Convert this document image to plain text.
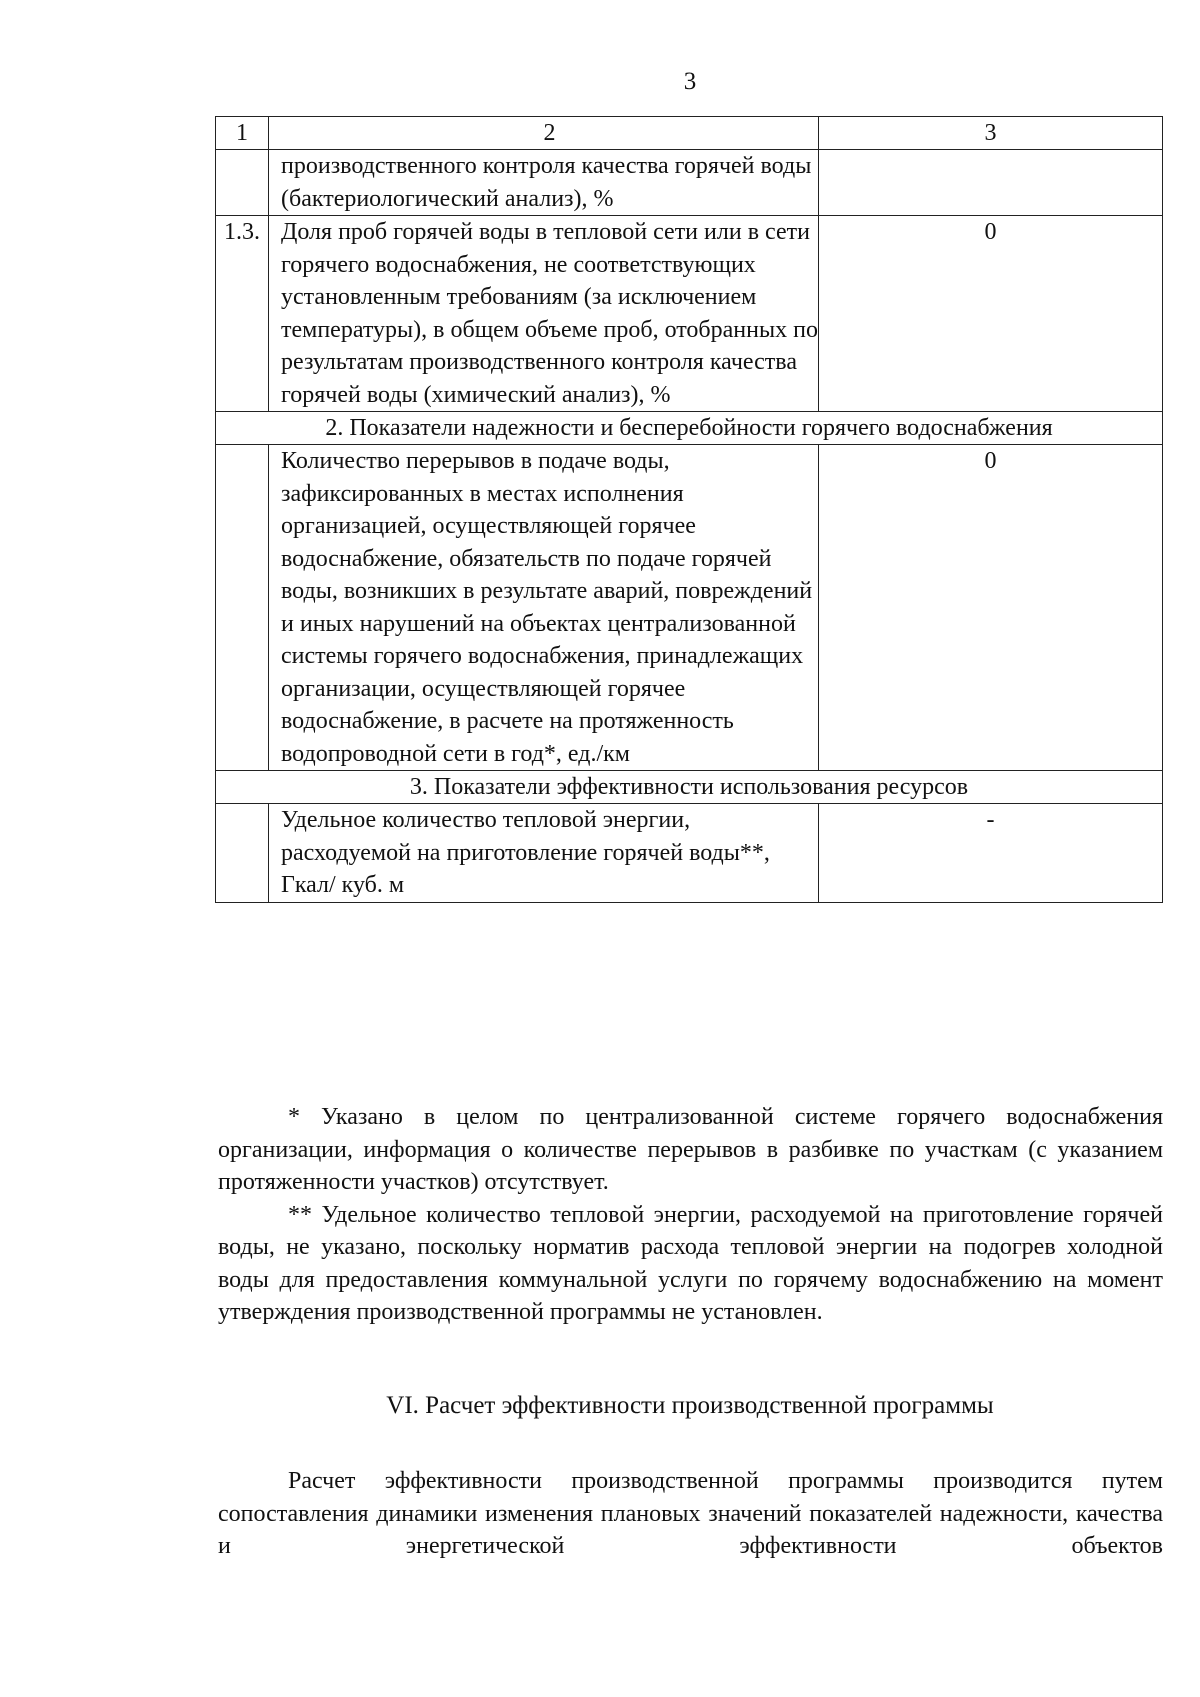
3
1	2	3
	производственного контроля качества горячей воды (бактериологический анализ), %	
1.3.	Доля проб горячей воды в тепловой сети или в сети горячего водоснабжения, не соответствующих установленным требованиям (за исключением температуры), в общем объеме проб, отобранных по результатам производственного контроля качества горячей воды (химический анализ), %	0
2. Показатели надежности и бесперебойности горячего водоснабжения		
	Количество перерывов в подаче воды, зафиксированных в местах исполнения организацией, осуществляющей горячее водоснабжение, обязательств по подаче горячей воды, возникших в результате аварий, повреждений и иных нарушений на объектах централизованной системы горячего водоснабжения, принадлежащих организации, осуществляющей горячее водоснабжение, в расчете на протяженность водопроводной сети в год*, ед./км	0
3. Показатели эффективности использования ресурсов		
	Удельное количество тепловой энергии, расходуемой на приготовление горячей воды**, Гкал/ куб. м	-

* Указано в целом по централизованной системе горячего водоснабжения организации, информация о количестве перерывов в разбивке по участкам (с указанием протяженности участков) отсутствует.

** Удельное количество тепловой энергии, расходуемой на приготовление горячей воды, не указано, поскольку норматив расхода тепловой энергии на подогрев холодной воды для предоставления коммунальной услуги по горячему водоснабжению на момент утверждения производственной программы не установлен.

VI. Расчет эффективности производственной программы

Расчет эффективности производственной программы производится путем сопоставления динамики изменения плановых значений показателей надежности, качества и энергетической эффективности объектов
